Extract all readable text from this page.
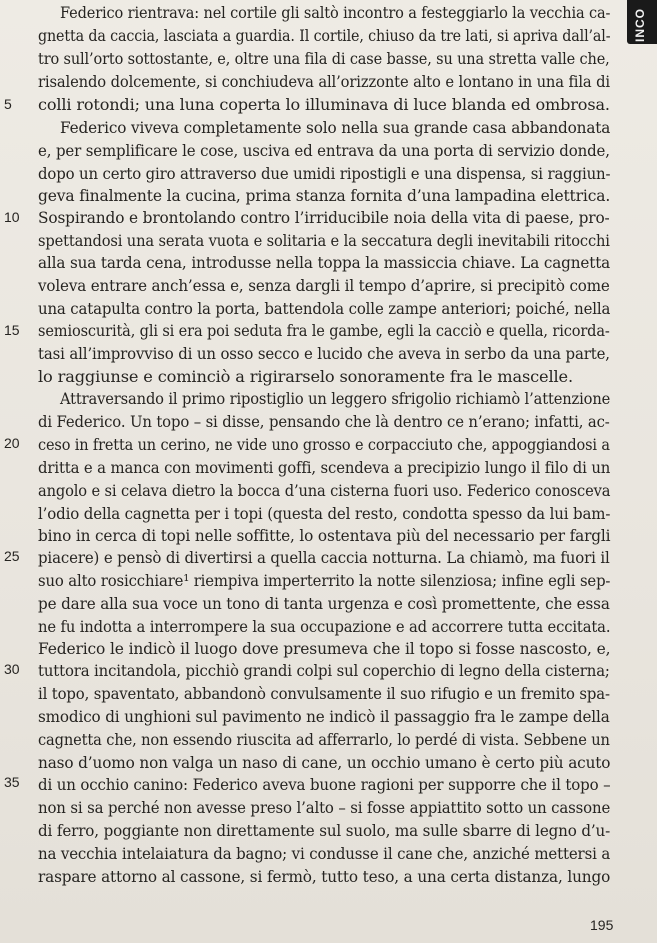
INCO
5
10
15
20
25
30
35
Federico rientrava: nel cortile gli saltò incontro a festeggiarlo la vecchia ca-
gnetta da caccia, lasciata a guardia. Il cortile, chiuso da tre lati, si apriva dall’al-
tro sull’orto sottostante, e, oltre una fila di case basse, su una stretta valle che,
risalendo dolcemente, si conchiudeva all’orizzonte alto e lontano in una fila di
colli rotondi; una luna coperta lo illuminava di luce blanda ed ombrosa.
Federico viveva completamente solo nella sua grande casa abbandonata
e, per semplificare le cose, usciva ed entrava da una porta di servizio donde,
dopo un certo giro attraverso due umidi ripostigli e una dispensa, si raggiun-
geva finalmente la cucina, prima stanza fornita d’una lampadina elettrica.
Sospirando e brontolando contro l’irriducibile noia della vita di paese, pro-
spettandosi una serata vuota e solitaria e la seccatura degli inevitabili ritocchi
alla sua tarda cena, introdusse nella toppa la massiccia chiave. La cagnetta
voleva entrare anch’essa e, senza dargli il tempo d’aprire, si precipitò come
una catapulta contro la porta, battendola colle zampe anteriori; poiché, nella
semioscurità, gli si era poi seduta fra le gambe, egli la cacciò e quella, ricorda-
tasi all’improvviso di un osso secco e lucido che aveva in serbo da una parte,
lo raggiunse e cominciò a rigirarselo sonoramente fra le mascelle.
Attraversando il primo ripostiglio un leggero sfrigolio richiamò l’attenzione
di Federico. Un topo – si disse, pensando che là dentro ce n’erano; infatti, ac-
ceso in fretta un cerino, ne vide uno grosso e corpacciuto che, appoggiandosi a
dritta e a manca con movimenti goffi, scendeva a precipizio lungo il filo di un
angolo e si celava dietro la bocca d’una cisterna fuori uso. Federico conosceva
l’odio della cagnetta per i topi (questa del resto, condotta spesso da lui bam-
bino in cerca di topi nelle soffitte, lo ostentava più del necessario per fargli
piacere) e pensò di divertirsi a quella caccia notturna. La chiamò, ma fuori il
suo alto rosicchiare¹ riempiva imperterrito la notte silenziosa; infine egli sep-
pe dare alla sua voce un tono di tanta urgenza e così promettente, che essa
ne fu indotta a interrompere la sua occupazione e ad accorrere tutta eccitata.
Federico le indicò il luogo dove presumeva che il topo si fosse nascosto, e,
tuttora incitandola, picchiò grandi colpi sul coperchio di legno della cisterna;
il topo, spaventato, abbandonò convulsamente il suo rifugio e un fremito spa-
smodico di unghioni sul pavimento ne indicò il passaggio fra le zampe della
cagnetta che, non essendo riuscita ad afferrarlo, lo perdé di vista. Sebbene un
naso d’uomo non valga un naso di cane, un occhio umano è certo più acuto
di un occhio canino: Federico aveva buone ragioni per supporre che il topo –
non si sa perché non avesse preso l’alto – si fosse appiattito sotto un cassone
di ferro, poggiante non direttamente sul suolo, ma sulle sbarre di legno d’u-
na vecchia intelaiatura da bagno; vi condusse il cane che, anziché mettersi a
raspare attorno al cassone, si fermò, tutto teso, a una certa distanza, lungo
195
